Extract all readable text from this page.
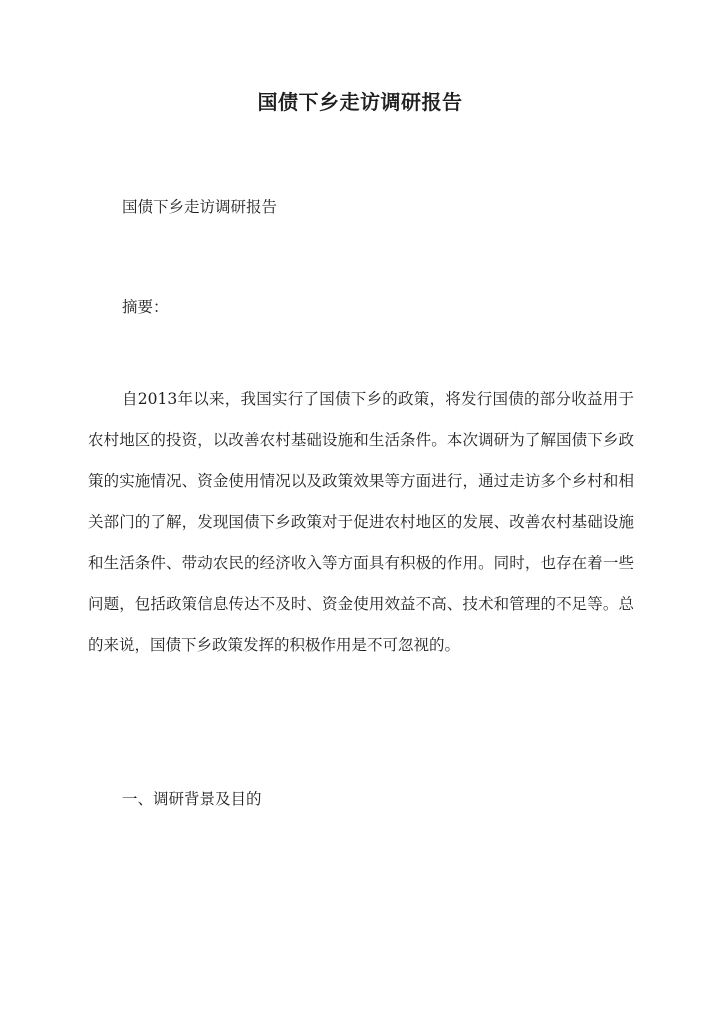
国债下乡走访调研报告
国债下乡走访调研报告
摘要：
自2013年以来，我国实行了国债下乡的政策，将发行国债的部分收益用于农村地区的投资，以改善农村基础设施和生活条件。本次调研为了解国债下乡政策的实施情况、资金使用情况以及政策效果等方面进行，通过走访多个乡村和相关部门的了解，发现国债下乡政策对于促进农村地区的发展、改善农村基础设施和生活条件、带动农民的经济收入等方面具有积极的作用。同时，也存在着一些问题，包括政策信息传达不及时、资金使用效益不高、技术和管理的不足等。总的来说，国债下乡政策发挥的积极作用是不可忽视的。
一、调研背景及目的
